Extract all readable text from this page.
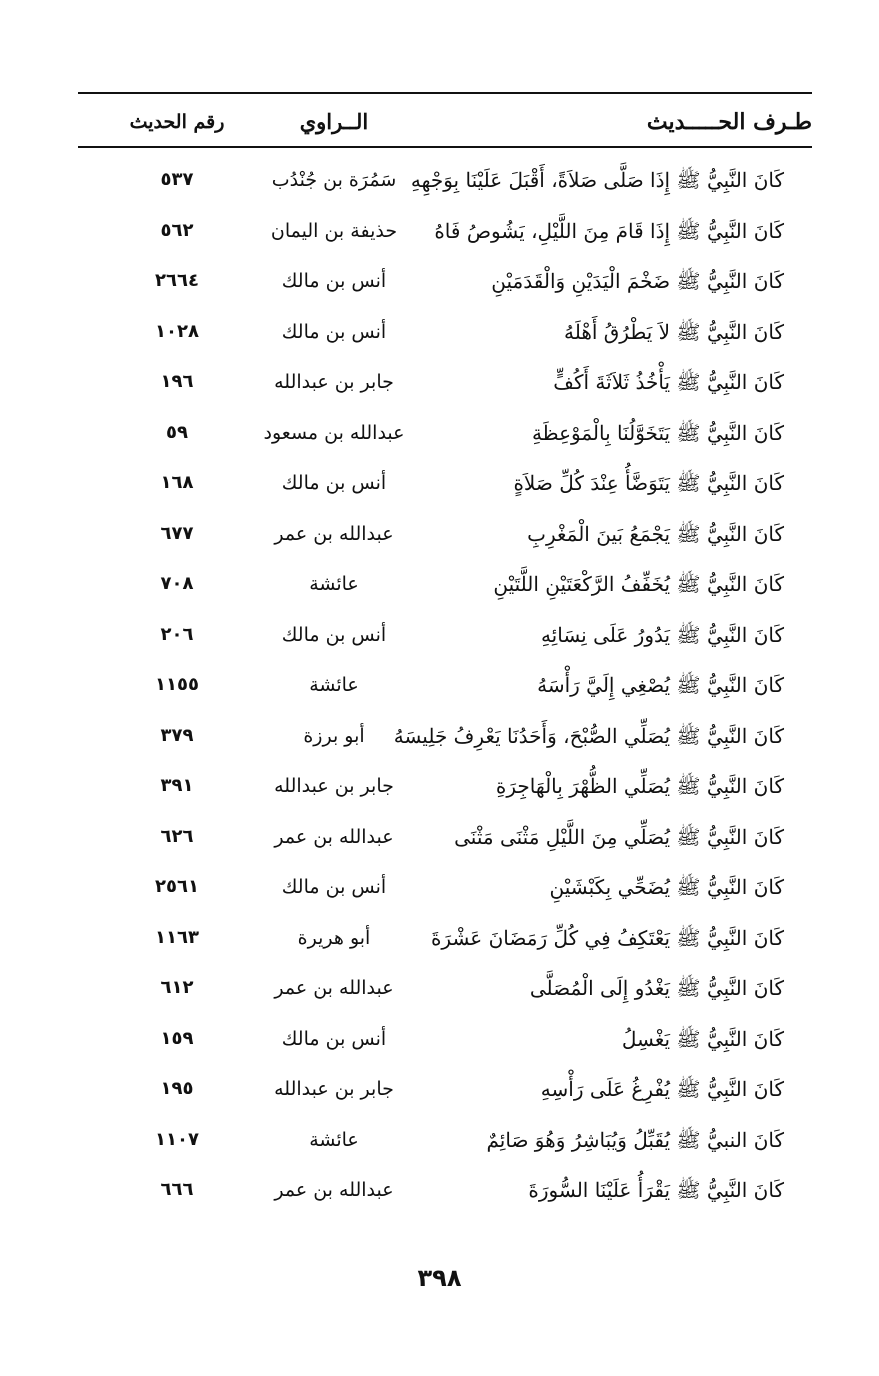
طـرف الحـــــديث
الــراوي
رقم الحديث
كَانَ النَّبِيُّ ﷺ إِذَا صَلَّى صَلاَةً، أَقْبَلَ عَلَيْنَا بِوَجْهِهِ
سَمُرَة بن جُنْدُب
٥٣٧
كَانَ النَّبِيُّ ﷺ إِذَا قَامَ مِنَ اللَّيْلِ، يَشُوصُ فَاهُ
حذيفة بن اليمان
٥٦٢
كَانَ النَّبِيُّ ﷺ ضَخْمَ الْيَدَيْنِ وَالْقَدَمَيْنِ
أنس بن مالك
٢٦٦٤
كَانَ النَّبِيُّ ﷺ لاَ يَطْرُقُ أَهْلَهُ
أنس بن مالك
١٠٢٨
كَانَ النَّبِيُّ ﷺ يَأْخُذُ ثَلاَثَةَ أَكُفٍّ
جابر بن عبدالله
١٩٦
كَانَ النَّبِيُّ ﷺ يَتَخَوَّلُنَا بِالْمَوْعِظَةِ
عبدالله بن مسعود
٥٩
كَانَ النَّبِيُّ ﷺ يَتَوَضَّأُ عِنْدَ كُلِّ صَلاَةٍ
أنس بن مالك
١٦٨
كَانَ النَّبِيُّ ﷺ يَجْمَعُ بَينَ الْمَغْرِبِ
عبدالله بن عمر
٦٧٧
كَانَ النَّبِيُّ ﷺ يُخَفِّفُ الرَّكْعَتَيْنِ اللَّتَيْنِ
عائشة
٧٠٨
كَانَ النَّبِيُّ ﷺ يَدُورُ عَلَى نِسَائِهِ
أنس بن مالك
٢٠٦
كَانَ النَّبِيُّ ﷺ يُصْغِي إِلَيَّ رَأْسَهُ
عائشة
١١٥٥
كَانَ النَّبِيُّ ﷺ يُصَلِّي الصُّبْحَ، وَأَحَدُنَا يَعْرِفُ جَلِيسَهُ
أبو برزة
٣٧٩
كَانَ النَّبِيُّ ﷺ يُصَلِّي الظُّهْرَ بِالْهَاجِرَةِ
جابر بن عبدالله
٣٩١
كَانَ النَّبِيُّ ﷺ يُصَلِّي مِنَ اللَّيْلِ مَثْنَى مَثْنَى
عبدالله بن عمر
٦٢٦
كَانَ النَّبِيُّ ﷺ يُضَحِّي بِكَبْشَيْنِ
أنس بن مالك
٢٥٦١
كَانَ النَّبِيُّ ﷺ يَعْتَكِفُ فِي كُلِّ رَمَضَانَ عَشْرَةَ
أبو هريرة
١١٦٣
كَانَ النَّبِيُّ ﷺ يَغْدُو إِلَى الْمُصَلَّى
عبدالله بن عمر
٦١٢
كَانَ النَّبِيُّ ﷺ يَغْسِلُ
أنس بن مالك
١٥٩
كَانَ النَّبِيُّ ﷺ يُفْرِغُ عَلَى رَأْسِهِ
جابر بن عبدالله
١٩٥
كَانَ النبيُّ ﷺ يُقَبِّلُ وَيُبَاشِرُ وَهُوَ صَائِمٌ
عائشة
١١٠٧
كَانَ النَّبِيُّ ﷺ يَقْرَأُ عَلَيْنَا السُّورَةَ
عبدالله بن عمر
٦٦٦
٣٩٨
